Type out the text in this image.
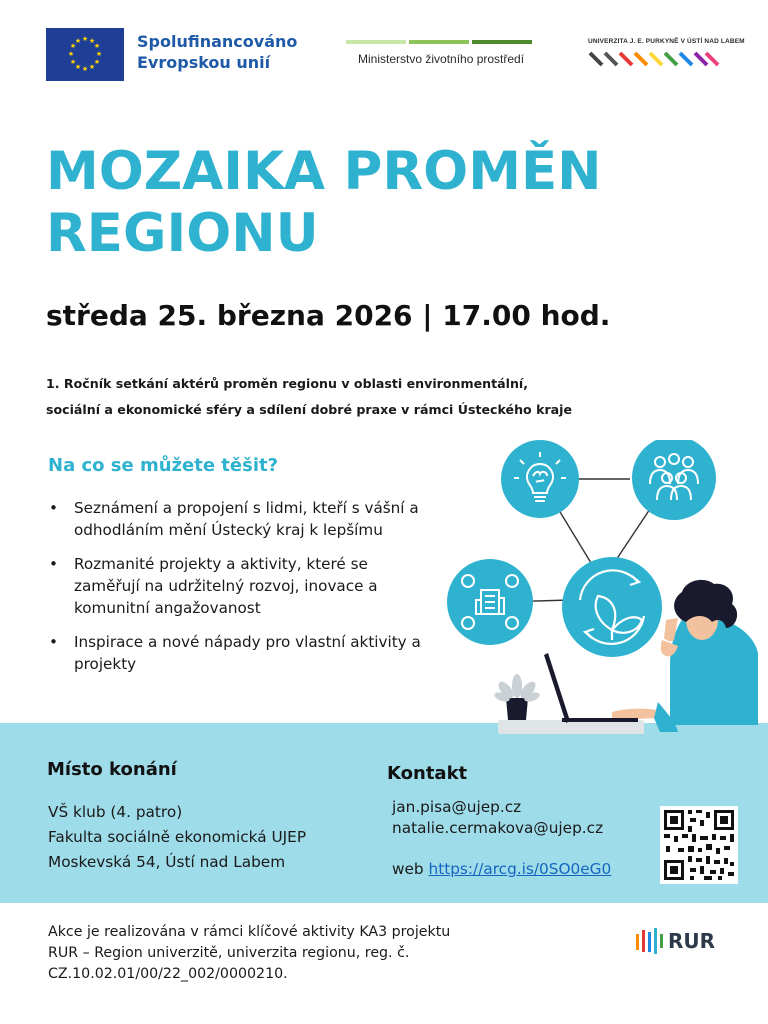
★ ★
★
★
★
★
★
★
★
★
★
★	Spolufinancováno
Evropskou unií	Ministerstvo životního prostředí
UNIVERZITA J. E. PURKYNĚ V ÚSTÍ NAD LABEM
MOZAIKA PROMĚN
REGIONU
středa 25. března 2026 | 17.00 hod.
1. Ročník setkání aktérů proměn regionu v oblasti environmentální,
sociální a ekonomické sféry a sdílení dobré praxe v rámci Ústeckého kraje
Na co se můžete těšit?
• Seznámení a propojení s lidmi, kteří s vášní a odhodláním mění Ústecký kraj k lepšímu
• Rozmanité projekty a aktivity, které se zaměřují na udržitelný rozvoj, inovace a komunitní angažovanost
• Inspirace a nové nápady pro vlastní aktivity a projekty
Místo konání
VŠ klub (4. patro)
Fakulta sociálně ekonomická UJEP
Moskevská 54, Ústí nad Labem
Kontakt
jan.pisa@ujep.cz
natalie.cermakova@ujep.cz
web https://arcg.is/0SO0eG0
Akce je realizována v rámci klíčové aktivity KA3 projektu
RUR – Region univerzitě, univerzita regionu, reg. č.
CZ.10.02.01/00/22_002/0000210.
RUR
